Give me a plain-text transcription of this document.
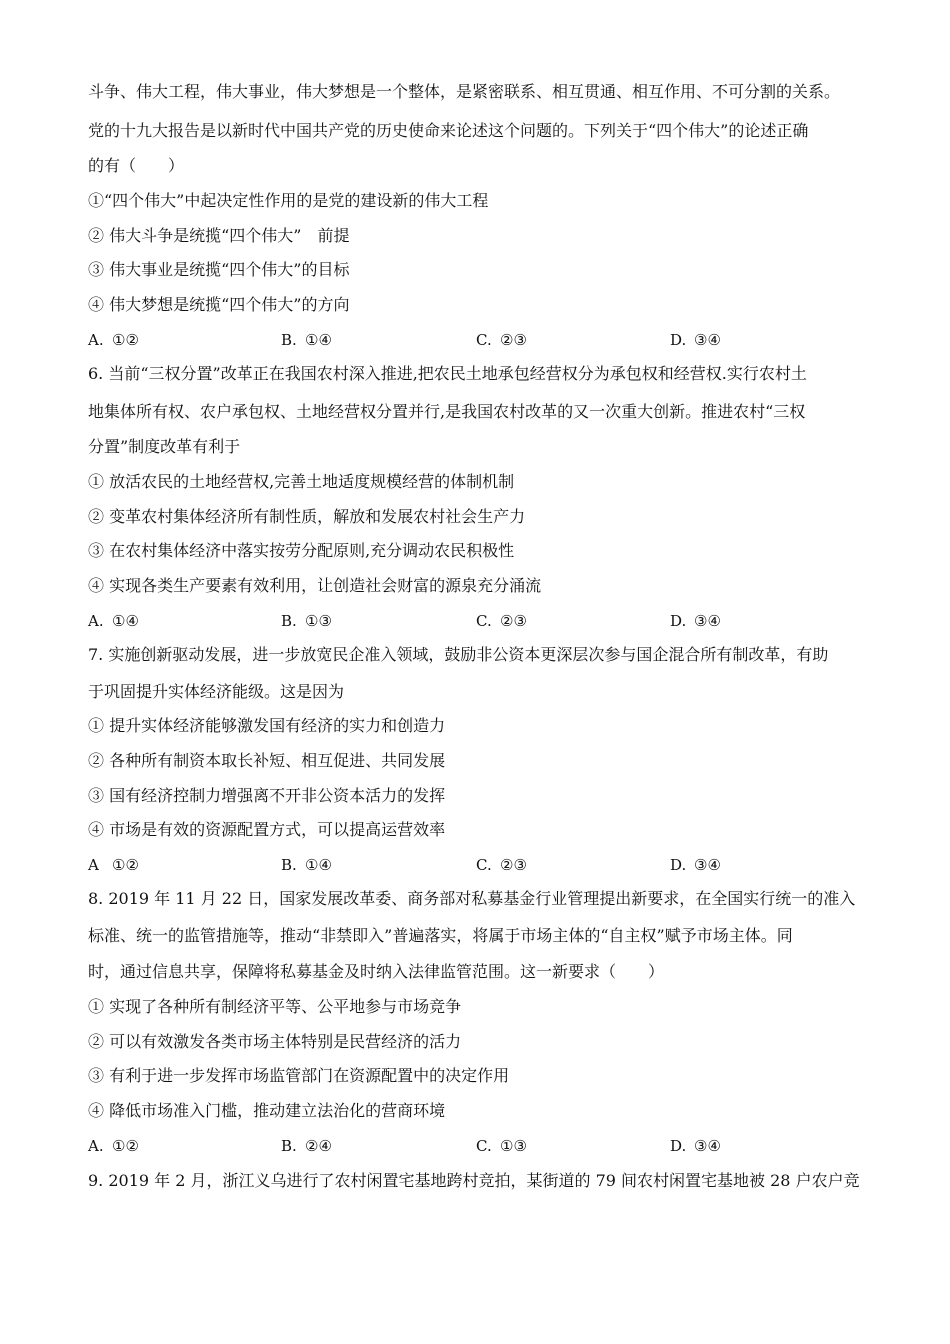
斗争、伟大工程，伟大事业，伟大梦想是一个整体，是紧密联系、相互贯通、相互作用、不可分割的关系。
党的十九大报告是以新时代中国共产党的历史使命来论述这个问题的。下列关于“四个伟大”的论述正确
的有（　　）
①“四个伟大”中起决定性作用的是党的建设新的伟大工程
② 伟大斗争是统揽“四个伟大”　前提
③ 伟大事业是统揽“四个伟大”的目标
④ 伟大梦想是统揽“四个伟大”的方向
A. ①②	B. ①④	C. ②③	D. ③④
6. 当前“三权分置”改革正在我国农村深入推进,把农民土地承包经营权分为承包权和经营权.实行农村土
地集体所有权、农户承包权、土地经营权分置并行,是我国农村改革的又一次重大创新。推进农村“三权
分置”制度改革有利于
① 放活农民的土地经营权,完善土地适度规模经营的体制机制
② 变革农村集体经济所有制性质，解放和发展农村社会生产力
③ 在农村集体经济中落实按劳分配原则,充分调动农民积极性
④ 实现各类生产要素有效利用，让创造社会财富的源泉充分涌流
A. ①④	B. ①③	C. ②③	D. ③④
7. 实施创新驱动发展，进一步放宽民企准入领域，鼓励非公资本更深层次参与国企混合所有制改革，有助
于巩固提升实体经济能级。这是因为
① 提升实体经济能够激发国有经济的实力和创造力
② 各种所有制资本取长补短、相互促进、共同发展
③ 国有经济控制力增强离不开非公资本活力的发挥
④ 市场是有效的资源配置方式，可以提高运营效率
A ①②	B. ①④	C. ②③	D. ③④
8. 2019 年 11 月 22 日，国家发展改革委、商务部对私募基金行业管理提出新要求，在全国实行统一的准入
标准、统一的监管措施等，推动“非禁即入”普遍落实，将属于市场主体的“自主权”赋予市场主体。同
时，通过信息共享，保障将私募基金及时纳入法律监管范围。这一新要求（　　）
① 实现了各种所有制经济平等、公平地参与市场竞争
② 可以有效激发各类市场主体特别是民营经济的活力
③ 有利于进一步发挥市场监管部门在资源配置中的决定作用
④ 降低市场准入门槛，推动建立法治化的营商环境
A. ①②	B. ②④	C. ①③	D. ③④
9. 2019 年 2 月，浙江义乌进行了农村闲置宅基地跨村竞拍，某街道的 79 间农村闲置宅基地被 28 户农户竞
